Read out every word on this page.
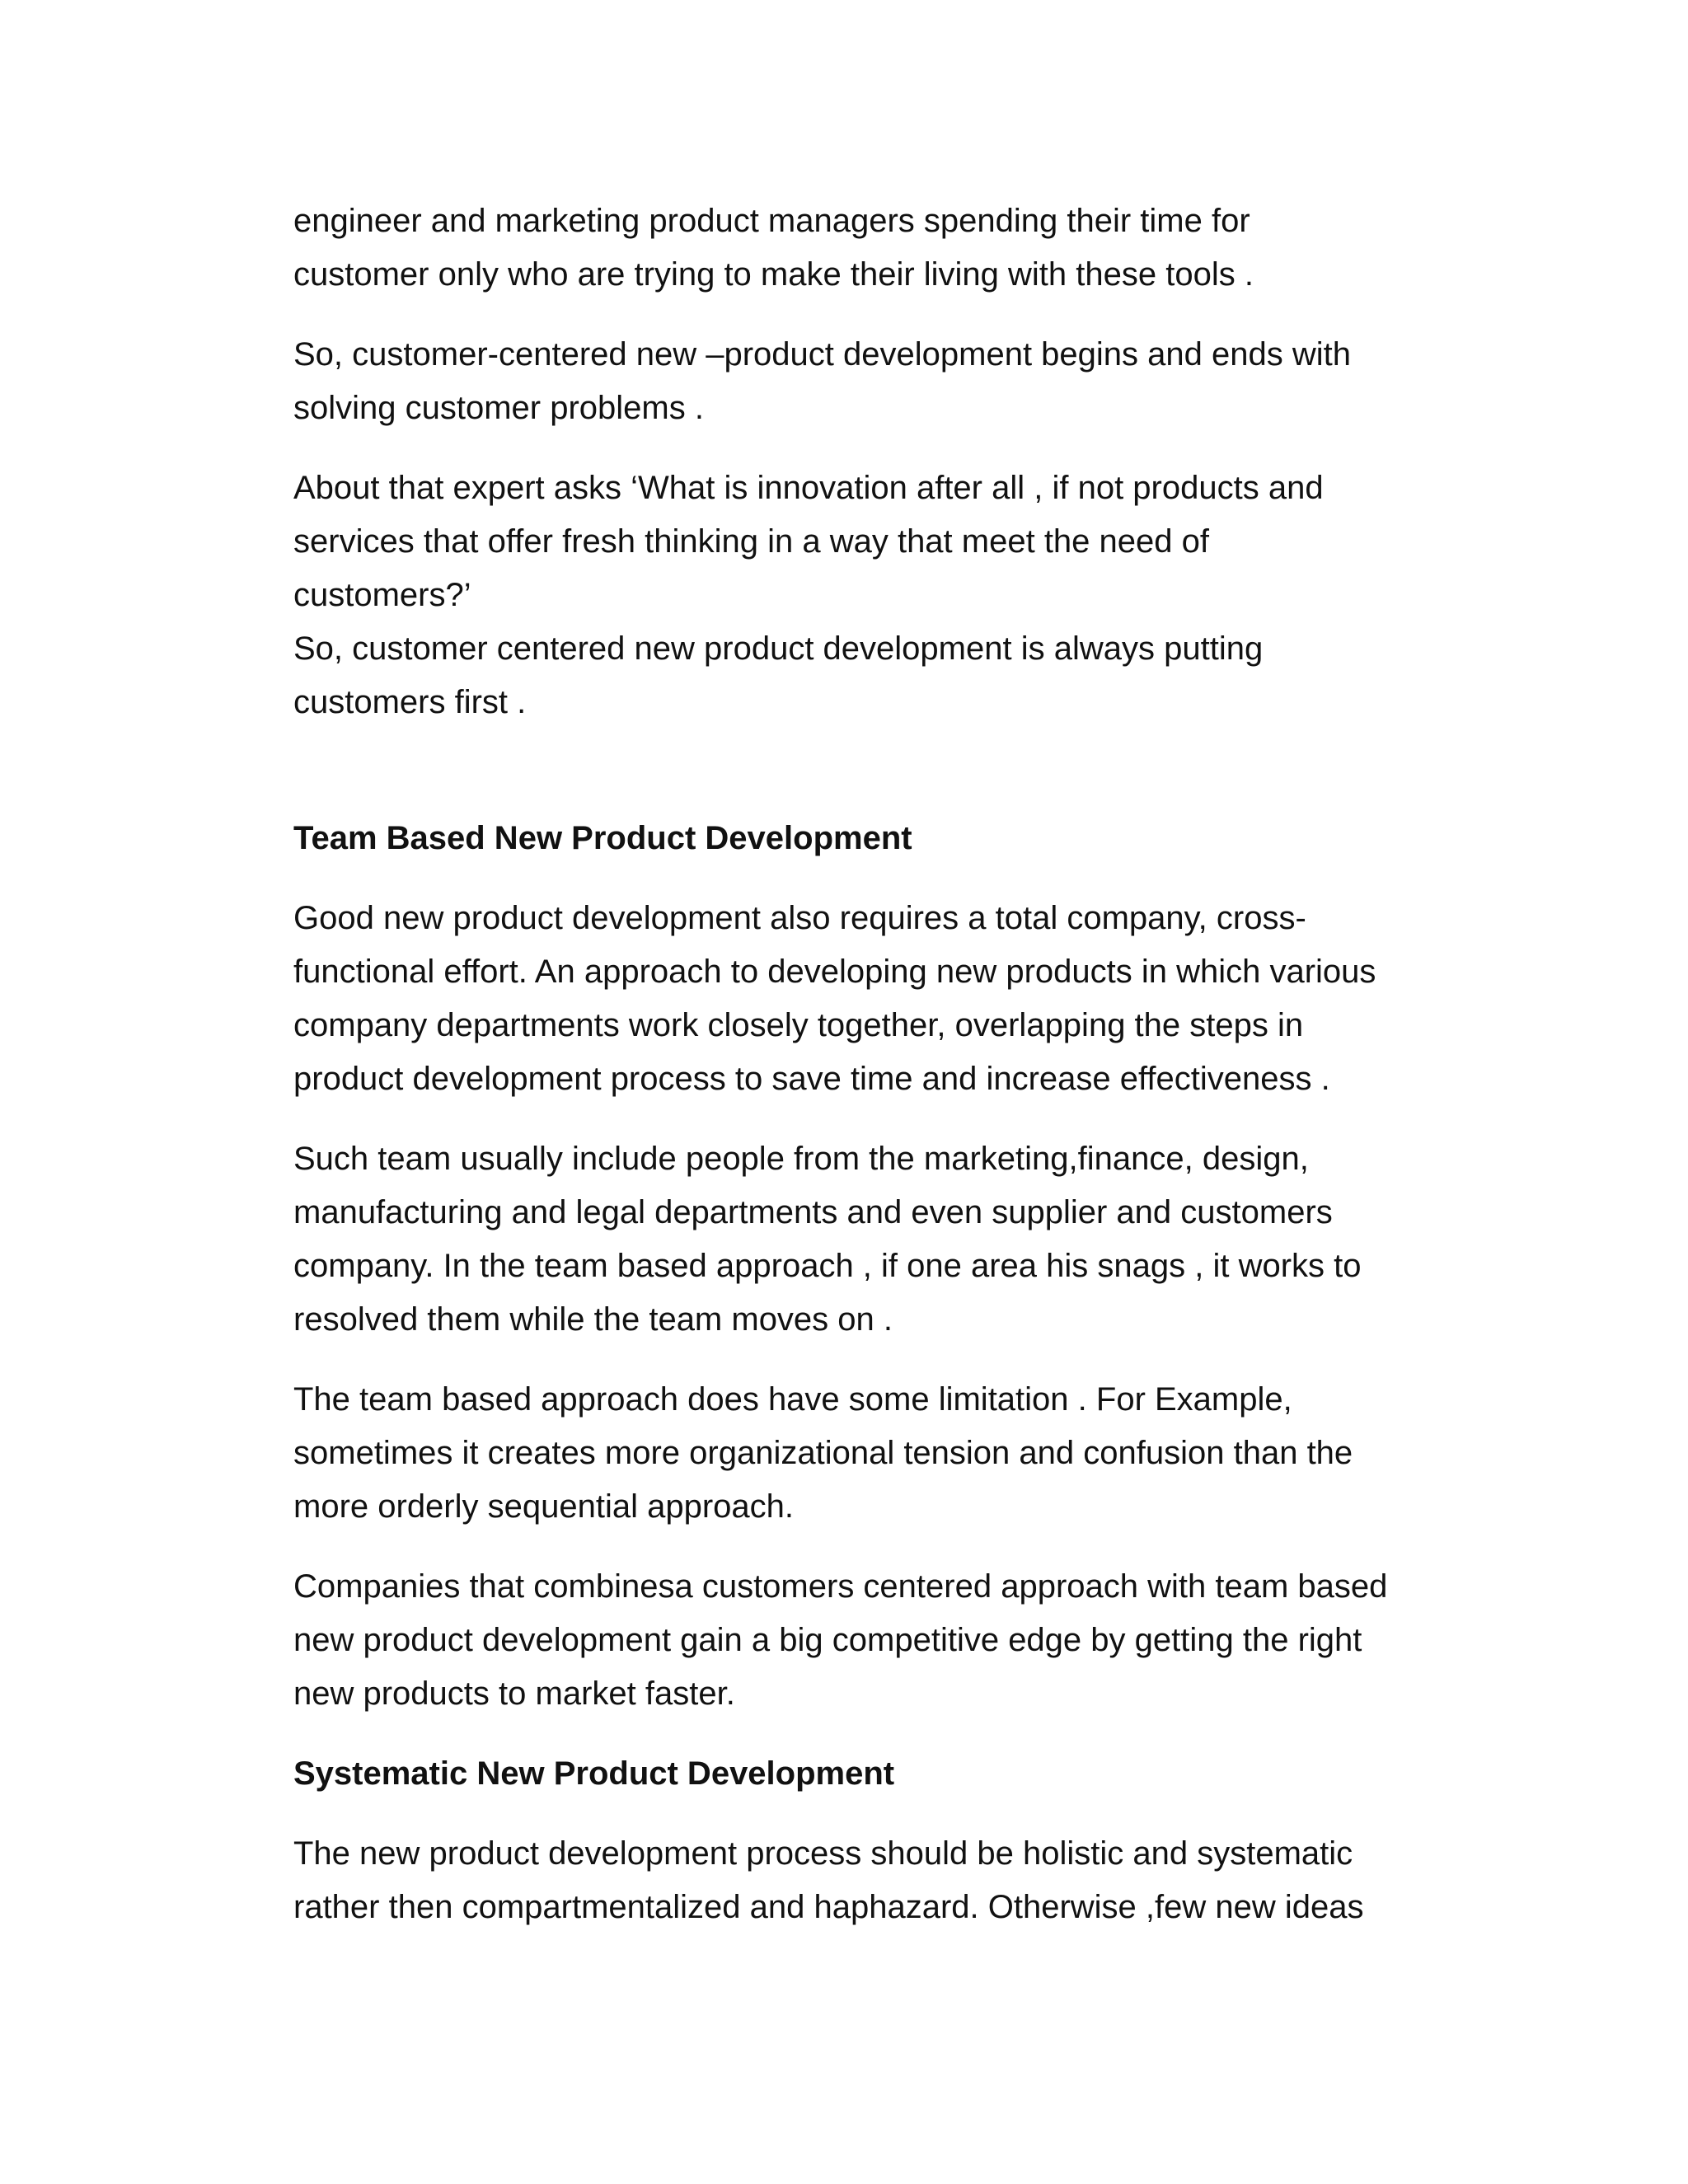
engineer and marketing product managers spending their time for
customer only who are trying to make their living with these tools .

So, customer-centered new –product development begins and ends with
solving customer problems .

About that expert asks ‘What is innovation after all , if not products and
services that offer fresh thinking in a way that meet the need of
customers?’

So, customer centered new product development is always putting
customers first .

Team Based New Product Development

Good new product development also requires a total company, cross-
functional effort. An approach to developing new products in which various
company departments work closely together, overlapping the steps in
product development process to save time and increase effectiveness .

Such team usually include people from the marketing,finance, design,
manufacturing and legal departments and even supplier and customers
company. In the team based approach , if one area his snags , it works to
resolved them while the team moves on .

The team based approach does have some limitation . For Example,
sometimes it creates more organizational tension and confusion than the
more orderly sequential approach.

Companies that combinesa customers centered approach with team based
new product development gain a big competitive edge by getting the right
new products to market faster.

Systematic New Product Development

The new product development process should be holistic and systematic
rather then compartmentalized and haphazard. Otherwise ,few new ideas
